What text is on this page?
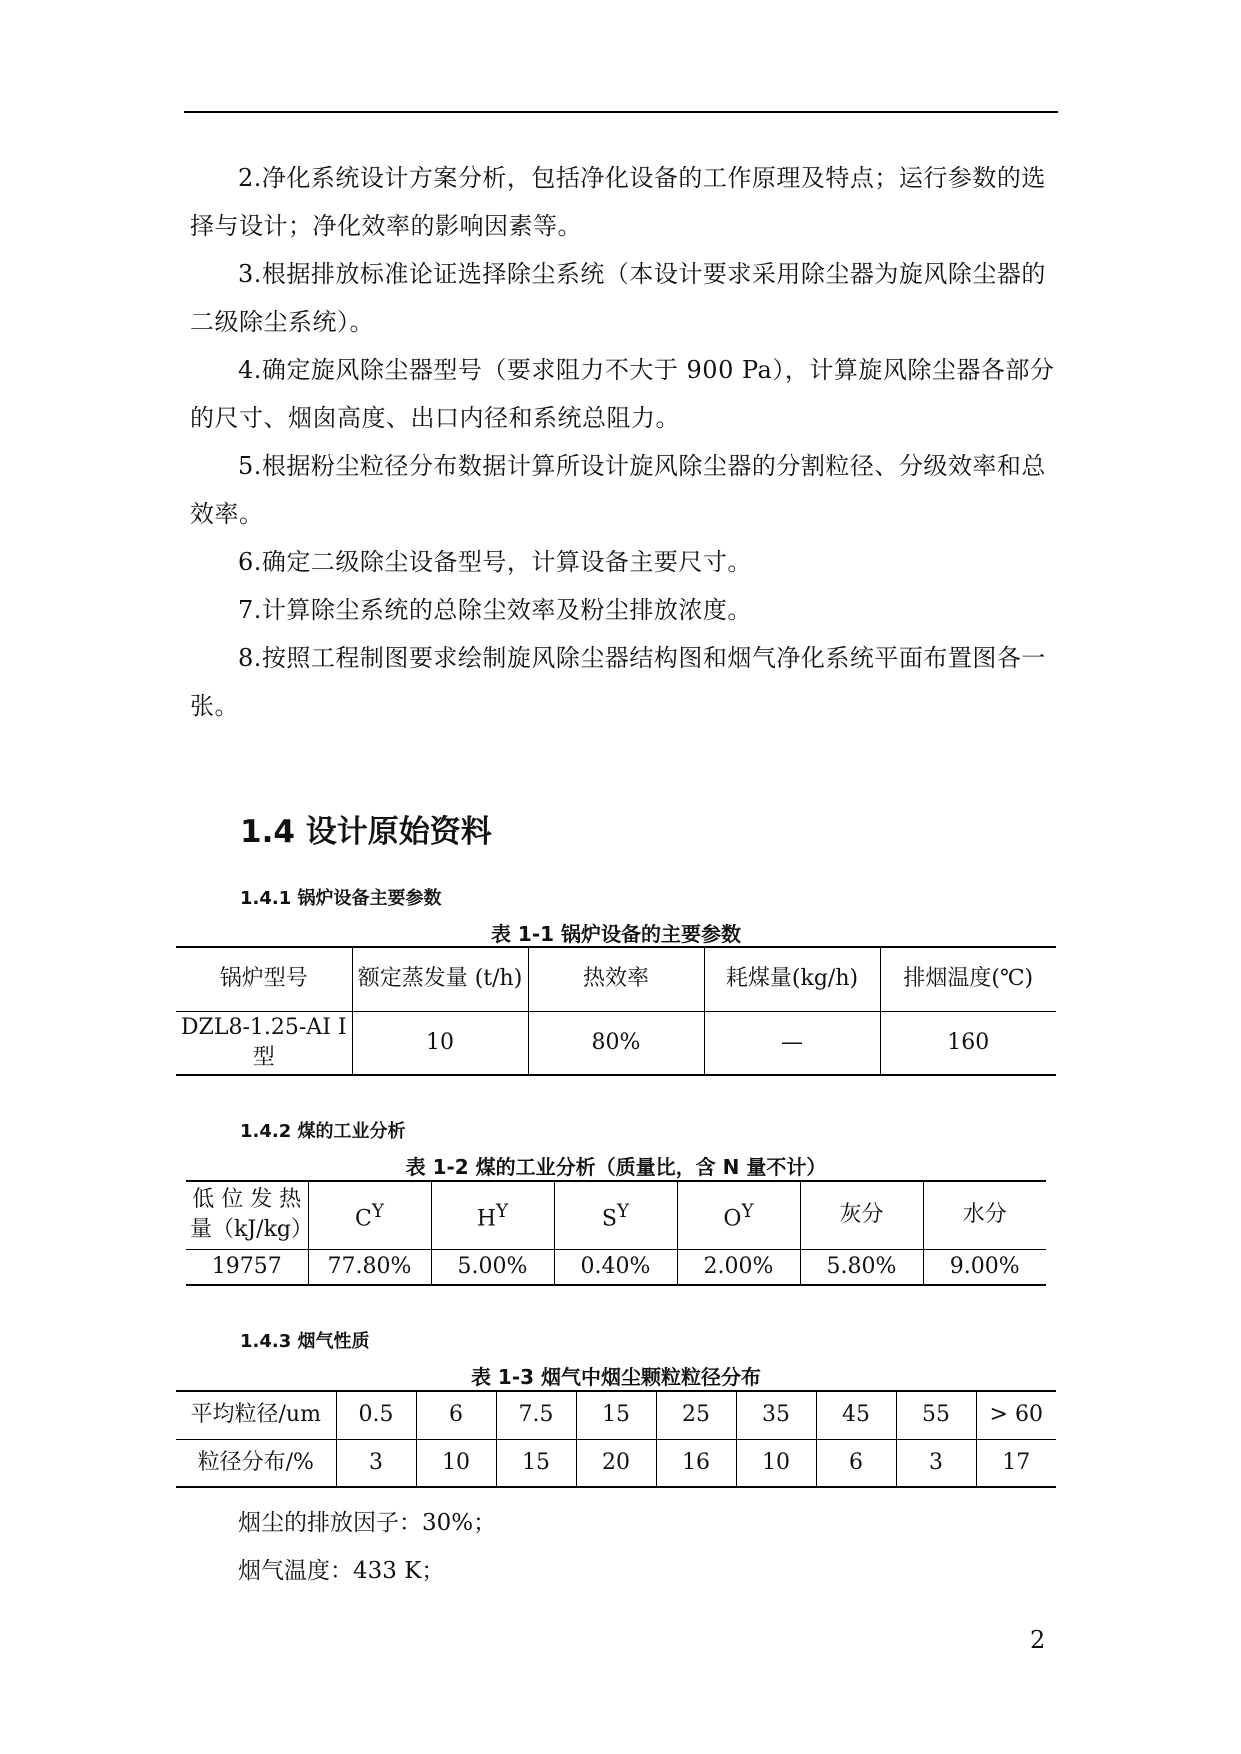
2.净化系统设计方案分析，包括净化设备的工作原理及特点；运行参数的选择与设计；净化效率的影响因素等。

3.根据排放标准论证选择除尘系统（本设计要求采用除尘器为旋风除尘器的二级除尘系统）。

4.确定旋风除尘器型号（要求阻力不大于 900 Pa），计算旋风除尘器各部分的尺寸、烟囱高度、出口内径和系统总阻力。

5.根据粉尘粒径分布数据计算所设计旋风除尘器的分割粒径、分级效率和总效率。

6.确定二级除尘设备型号，计算设备主要尺寸。

7.计算除尘系统的总除尘效率及粉尘排放浓度。

8.按照工程制图要求绘制旋风除尘器结构图和烟气净化系统平面布置图各一张。

1.4 设计原始资料

1.4.1 锅炉设备主要参数

表 1-1 锅炉设备的主要参数

锅炉型号	额定蒸发量 (t/h)	热效率	耗煤量(kg/h)	排烟温度(℃)
DZL8-1.25-AI I 型	10	80%	—	160

1.4.2 煤的工业分析

表 1-2 煤的工业分析（质量比，含 N 量不计）

低 位 发 热 量（kJ/kg）	$C^Y$	$H^Y$	$S^Y$	$O^Y$	灰分	水分
19757	77.80%	5.00%	0.40%	2.00%	5.80%	9.00%

1.4.3 烟气性质

表 1-3 烟气中烟尘颗粒粒径分布

平均粒径/um	0.5	6	7.5	15	25	35	45	55	> 60
粒径分布/%	3	10	15	20	16	10	6	3	17

烟尘的排放因子：30%；

烟气温度：433 K；

2
